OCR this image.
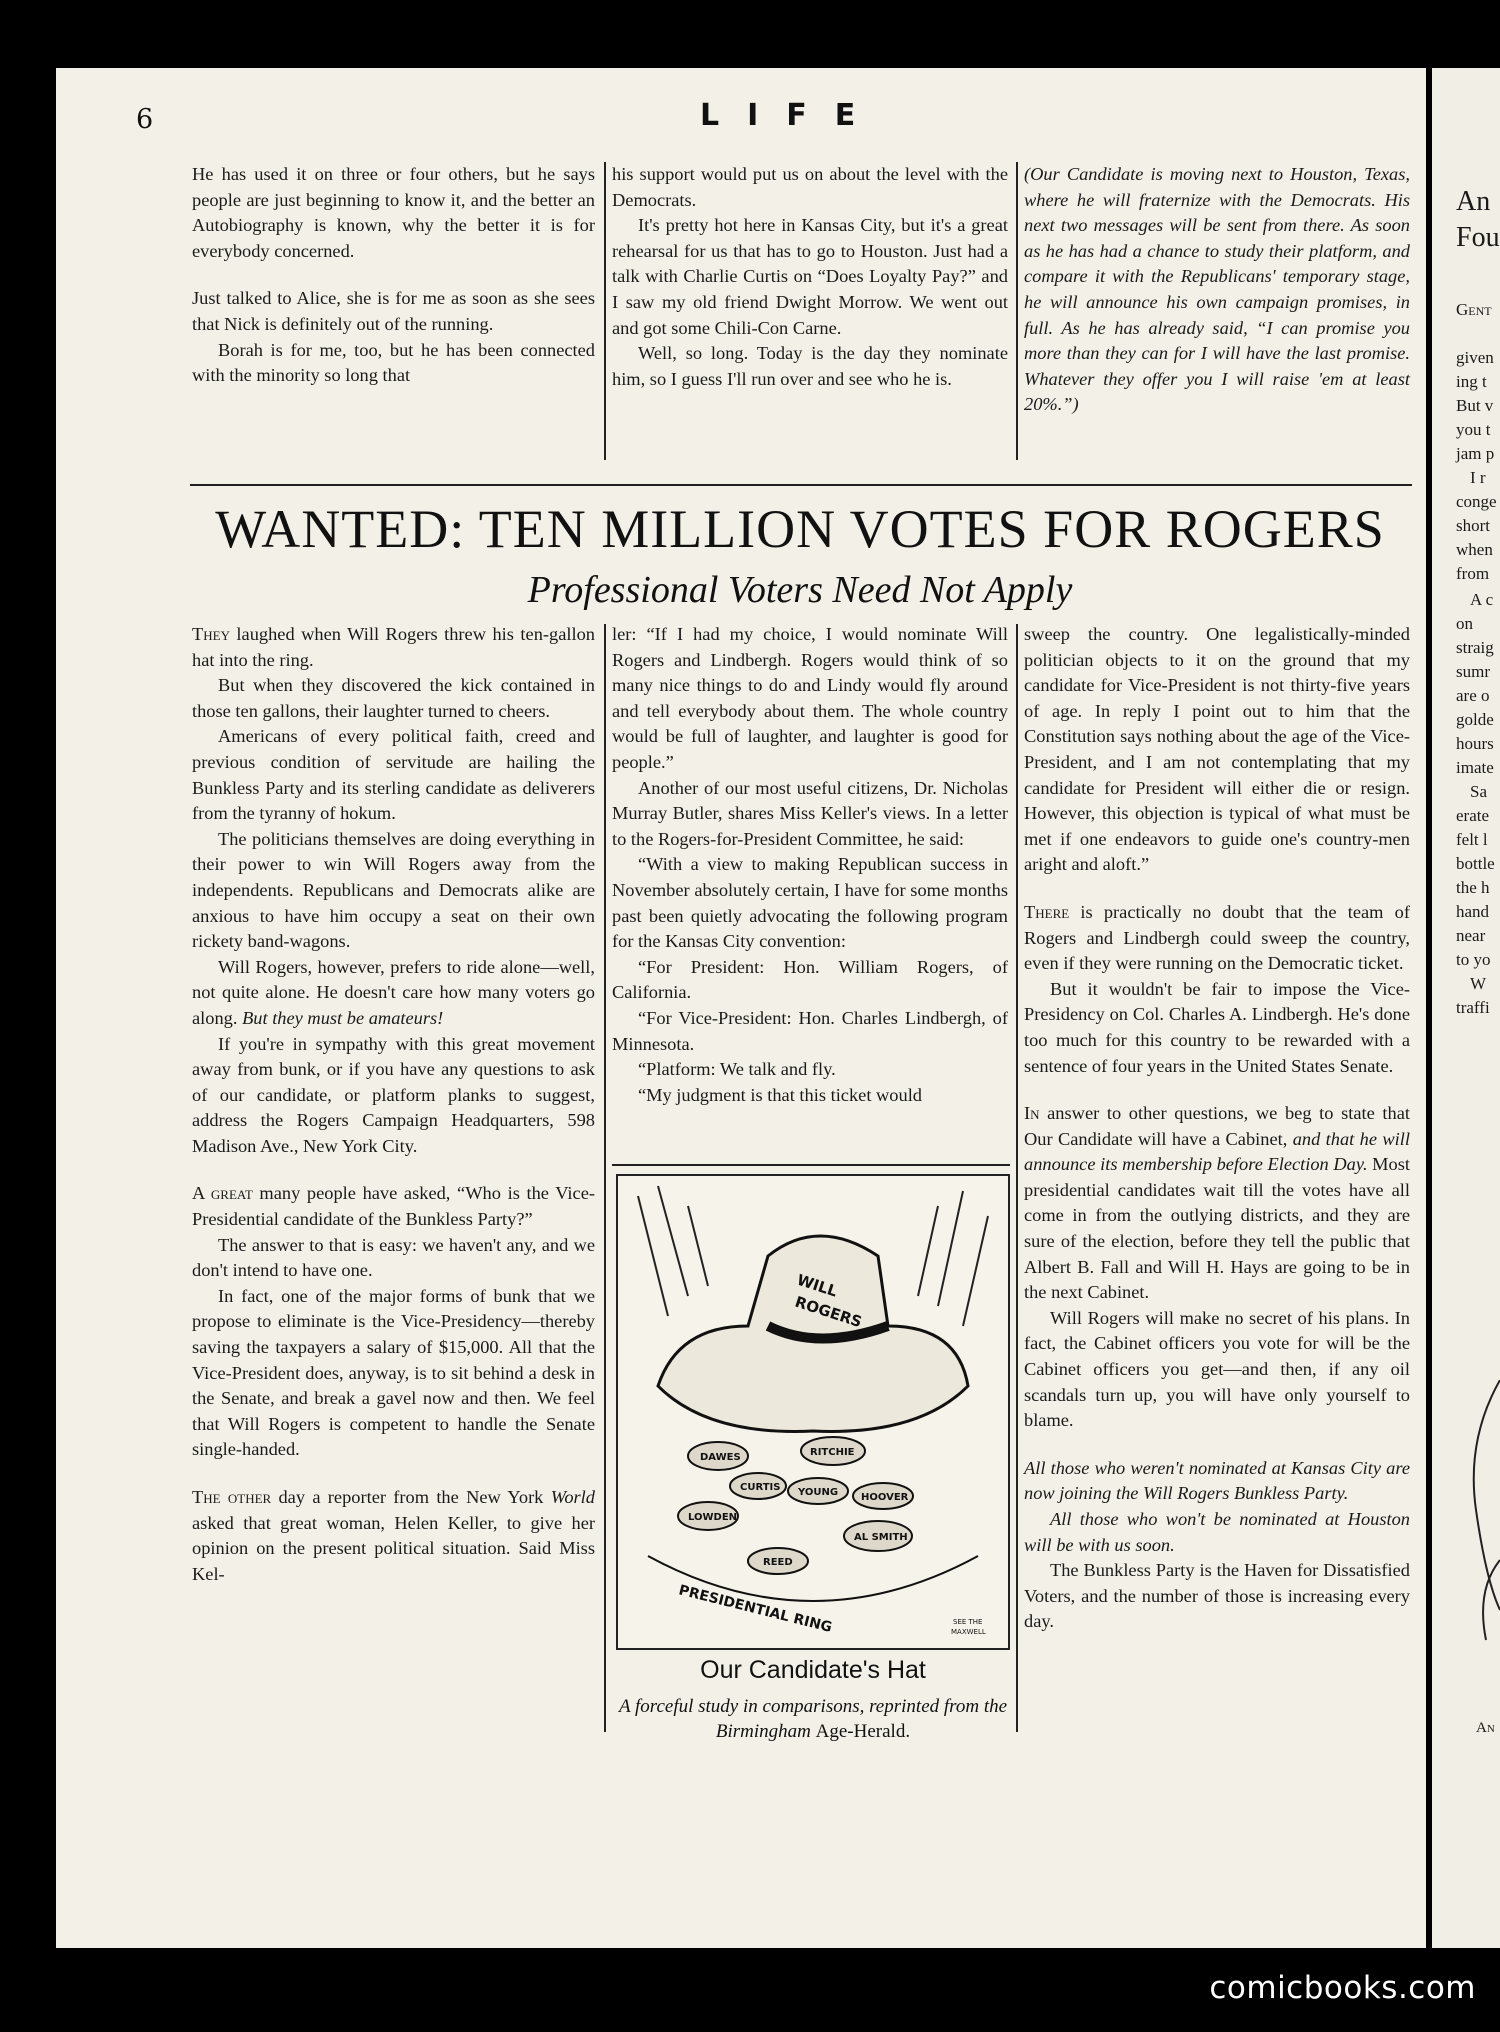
6	LIFE

He has used it on three or four others, but he says people are just beginning to know it, and the better an Autobiography is known, why the better it is for everybody concerned.

Just talked to Alice, she is for me as soon as she sees that Nick is definitely out of the running.

Borah is for me, too, but he has been connected with the minority so long that

his support would put us on about the level with the Democrats.

It's pretty hot here in Kansas City, but it's a great rehearsal for us that has to go to Houston. Just had a talk with Charlie Curtis on “Does Loyalty Pay?” and I saw my old friend Dwight Morrow. We went out and got some Chili-Con Carne.

Well, so long. Today is the day they nominate him, so I guess I'll run over and see who he is.

(Our Candidate is moving next to Houston, Texas, where he will fraternize with the Democrats. His next two messages will be sent from there. As soon as he has had a chance to study their platform, and compare it with the Republicans' temporary stage, he will announce his own campaign promises, in full. As he has already said, “I can promise you more than they can for I will have the last promise. Whatever they offer you I will raise 'em at least 20%.”)

WANTED: TEN MILLION VOTES FOR ROGERS
Professional Voters Need Not Apply

They laughed when Will Rogers threw his ten-gallon hat into the ring.

But when they discovered the kick contained in those ten gallons, their laughter turned to cheers.

Americans of every political faith, creed and previous condition of servitude are hailing the Bunkless Party and its sterling candidate as deliverers from the tyranny of hokum.

The politicians themselves are doing everything in their power to win Will Rogers away from the independents. Republicans and Democrats alike are anxious to have him occupy a seat on their own rickety band-wagons.

Will Rogers, however, prefers to ride alone—well, not quite alone. He doesn't care how many voters go along. But they must be amateurs!

If you're in sympathy with this great movement away from bunk, or if you have any questions to ask of our candidate, or platform planks to suggest, address the Rogers Campaign Headquarters, 598 Madison Ave., New York City.

A great many people have asked, “Who is the Vice-Presidential candidate of the Bunkless Party?”

The answer to that is easy: we haven't any, and we don't intend to have one.

In fact, one of the major forms of bunk that we propose to eliminate is the Vice-Presidency—thereby saving the taxpayers a salary of $15,000. All that the Vice-President does, anyway, is to sit behind a desk in the Senate, and break a gavel now and then. We feel that Will Rogers is competent to handle the Senate single-handed.

The other day a reporter from the New York World asked that great woman, Helen Keller, to give her opinion on the present political situation. Said Miss Kel-

ler: “If I had my choice, I would nominate Will Rogers and Lindbergh. Rogers would think of so many nice things to do and Lindy would fly around and tell everybody about them. The whole country would be full of laughter, and laughter is good for people.”

Another of our most useful citizens, Dr. Nicholas Murray Butler, shares Miss Keller's views. In a letter to the Rogers-for-President Committee, he said:

“With a view to making Republican success in November absolutely certain, I have for some months past been quietly advocating the following program for the Kansas City convention:

“For President: Hon. William Rogers, of California.

“For Vice-President: Hon. Charles Lindbergh, of Minnesota.

“Platform: We talk and fly.

“My judgment is that this ticket would

WILL
ROGERS
DAWES	RITCHIE
CURTIS YOUNG HOOVER
LOWDEN
AL SMITH
REED
PRESIDENTIAL RING	SEE THE
MAXWELL
Our Candidate's Hat
A forceful study in comparisons, reprinted from the Birmingham Age-Herald.

sweep the country. One legalistically-minded politician objects to it on the ground that my candidate for Vice-President is not thirty-five years of age. In reply I point out to him that the Constitution says nothing about the age of the Vice-President, and I am not contemplating that my candidate for President will either die or resign. However, this objection is typical of what must be met if one endeavors to guide one's country-men aright and aloft.”

There is practically no doubt that the team of Rogers and Lindbergh could sweep the country, even if they were running on the Democratic ticket.

But it wouldn't be fair to impose the Vice-Presidency on Col. Charles A. Lindbergh. He's done too much for this country to be rewarded with a sentence of four years in the United States Senate.

In answer to other questions, we beg to state that Our Candidate will have a Cabinet, and that he will announce its membership before Election Day. Most presidential candidates wait till the votes have all come in from the outlying districts, and they are sure of the election, before they tell the public that Albert B. Fall and Will H. Hays are going to be in the next Cabinet.

Will Rogers will make no secret of his plans. In fact, the Cabinet officers you vote for will be the Cabinet officers you get—and then, if any oil scandals turn up, you will have only yourself to blame.

All those who weren't nominated at Kansas City are now joining the Will Rogers Bunkless Party.

All those who won't be nominated at Houston will be with us soon.

The Bunkless Party is the Haven for Dissatisfied Voters, and the number of those is increasing every day.

An
Fou
Gent
given
ing t
But v
you t
jam p
I r
conge
short
when
from
A c
on
straig
sumr
are o
golde
hours
imate
Sa
erate
felt l
bottle
the h
hand
near
to yo
W
traffi
An
comicbooks.com
